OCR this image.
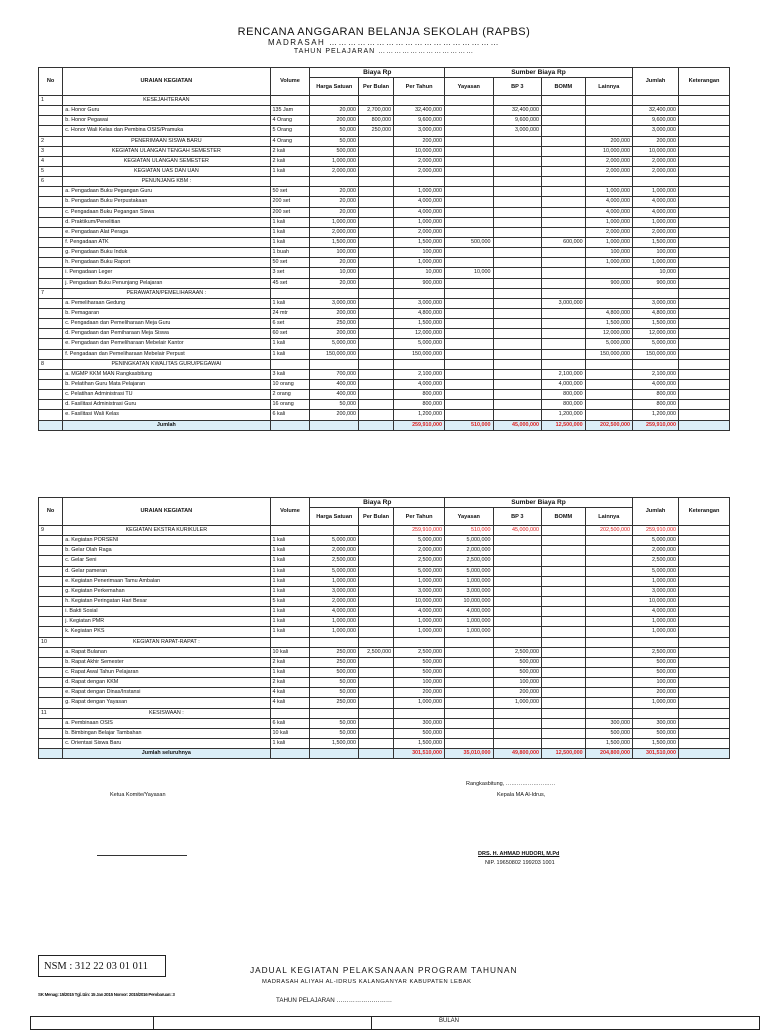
RENCANA ANGGARAN BELANJA SEKOLAH (RAPBS)
MADRASAH ………………………………………………
TAHUN PELAJARAN ………………………………
No	URAIAN KEGIATAN	Volume	Biaya Rp			Sumber Biaya Rp				Jumlah	Keterangan
			Harga Satuan	Per Bulan	Per Tahun	Yayasan	BP 3	BOMM	Lainnya		
1	KESEJAHTERAAN										
	a. Honor Guru	135 Jam	20,000	2,700,000	32,400,000		32,400,000			32,400,000	
	b. Honor Pegawai	4 Orang	200,000	800,000	9,600,000		9,600,000			9,600,000	
	c. Honor Wali Kelas dan Pembina OSIS/Pramuka	5 Orang	50,000	250,000	3,000,000		3,000,000			3,000,000	
2	PENERIMAAN SISWA BARU	4 Orang	50,000		200,000				200,000	200,000	
3	KEGIATAN ULANGAN TENGAH SEMESTER	2 kali	500,000		10,000,000				10,000,000	10,000,000	
4	KEGIATAN ULANGAN SEMESTER	2 kali	1,000,000		2,000,000				2,000,000	2,000,000	
5	KEGIATAN UAS DAN UAN	1 kali	2,000,000		2,000,000				2,000,000	2,000,000	
6	PENUNJANG KBM :										
	a. Pengadaan Buku Pegangan Guru	50 set	20,000		1,000,000				1,000,000	1,000,000	
	b. Pengadaan Buku Perpustakaan	200 set	20,000		4,000,000				4,000,000	4,000,000	
	c. Pengadaan Buku Pegangan Siswa	200 set	20,000		4,000,000				4,000,000	4,000,000	
	d. Praktikum/Penelitian	1 kali	1,000,000		1,000,000				1,000,000	1,000,000	
	e. Pengadaan Alat Peraga	1 kali	2,000,000		2,000,000				2,000,000	2,000,000	
	f. Pengadaan ATK	1 kali	1,500,000		1,500,000	500,000		600,000	1,000,000	1,500,000	
	g. Pengadaan Buku Induk	1 buah	100,000		100,000				100,000	100,000	
	h. Pengadaan Buku Raport	50 set	20,000		1,000,000				1,000,000	1,000,000	
	i. Pengadaan Leger	3 set	10,000		10,000	10,000				10,000	
	j. Pengadaan Buku Penunjang Pelajaran	45 set	20,000		900,000				900,000	900,000	
7	PERAWATAN/PEMELIHARAAN :										
	a. Pemeliharaan Gedung	1 kali	3,000,000		3,000,000			3,000,000		3,000,000	
	b. Pemagaran	24 mtr	200,000		4,800,000				4,800,000	4,800,000	
	c. Pengadaan dan Pemeliharaan Meja Guru	6 set	250,000		1,500,000				1,500,000	1,500,000	
	d. Pengadaan dan Pemiharaan Meja Siswa	60 set	200,000		12,000,000				12,000,000	12,000,000	
	e. Pengadaan dan Pemeliharaan Mebelair Kantor	1 kali	5,000,000		5,000,000				5,000,000	5,000,000	
	f. Pengadaan dan Pemeliharaan Mebelair Perpust	1 kali	150,000,000		150,000,000				150,000,000	150,000,000	
8	PENINGKATAN KWALITAS GURU/PEGAWAI										
	a. MGMP KKM MAN Rangkasbitung	3 kali	700,000		2,100,000			2,100,000		2,100,000	
	b. Pelatihan Guru Mata Pelajaran	10 orang	400,000		4,000,000			4,000,000		4,000,000	
	c. Pelatihan Administrasi TU	2 orang	400,000		800,000			800,000		800,000	
	d. Fasilitasi Administrasi Guru	16 orang	50,000		800,000			800,000		800,000	
	e. Fasilitasi Wali Kelas	6 kali	200,000		1,200,000			1,200,000		1,200,000	
	Jumlah				259,910,000	510,000	45,000,000	12,500,000	202,500,000	259,910,000	
No	URAIAN KEGIATAN	Volume	Biaya Rp			Sumber Biaya Rp				Jumlah	Keterangan
			Harga Satuan	Per Bulan	Per Tahun	Yayasan	BP 3	BOMM	Lainnya		
9	KEGIATAN EKSTRA KURIKULER				259,910,000	510,000	45,000,000		202,500,000	259,910,000	
	a. Kegiatan PORSENI	1 kali	5,000,000		5,000,000	5,000,000				5,000,000	
	b. Gelar Olah Raga	1 kali	2,000,000		2,000,000	2,000,000				2,000,000	
	c. Gelar Seni	1 kali	2,500,000		2,500,000	2,500,000				2,500,000	
	d. Gelar pameran	1 kali	5,000,000		5,000,000	5,000,000				5,000,000	
	e. Kegiatan Penerimaan Tamu Ambalan	1 kali	1,000,000		1,000,000	1,000,000				1,000,000	
	g. Kegiatan Perkemahan	1 kali	3,000,000		3,000,000	3,000,000				3,000,000	
	h. Kegiatan Peringatan Hari Besar	5 kali	2,000,000		10,000,000	10,000,000				10,000,000	
	i. Bakti Sosial	1 kali	4,000,000		4,000,000	4,000,000				4,000,000	
	j. Kegiatan PMR	1 kali	1,000,000		1,000,000	1,000,000				1,000,000	
	k. Kegiatan PKS	1 kali	1,000,000		1,000,000	1,000,000				1,000,000	
10	KEGIATAN RAPAT-RAPAT :										
	a. Rapat Bulanan	10 kali	250,000	2,500,000	2,500,000		2,500,000			2,500,000	
	b. Rapat Akhir Semester	2 kali	250,000		500,000		500,000			500,000	
	c. Rapat Awal Tahun Pelajaran	1 kali	500,000		500,000		500,000			500,000	
	d. Rapat dengan KKM	2 kali	50,000		100,000		100,000			100,000	
	e. Rapat dengan Dinas/Instansi	4 kali	50,000		200,000		200,000			200,000	
	g. Rapat dengan Yayasan	4 kali	250,000		1,000,000		1,000,000			1,000,000	
11	KESISWAAN :										
	a. Pembinaan OSIS	6 kali	50,000		300,000				300,000	300,000	
	b. Bimbingan Belajar Tambahan	10 kali	50,000		500,000				500,000	500,000	
	c. Orientasi Siswa Baru	1 kali	1,500,000		1,500,000				1,500,000	1,500,000	
	Jumlah seluruhnya				301,510,000	35,010,000	49,800,000	12,500,000	204,800,000	301,510,000	
Rangkasbitung, ………………………
Ketua Komite/Yayasan	Kepala MA Al-Idrus,
DRS. H. AHMAD HUDORI, M.Pd
NIP. 19650802 199203 1001
NSM : 312 22 03 01 011
SK Menag: 15/2015 Tgl. Izin: 15 Jan 2015 Nomor: 2015/2016 Pembaruan: 3
JADUAL KEGIATAN PELAKSANAAN PROGRAM TAHUNAN
MADRASAH ALIYAH AL-IDRUS KALANGANYAR KABUPATEN LEBAK
TAHUN PELAJARAN ………………………
BULAN
